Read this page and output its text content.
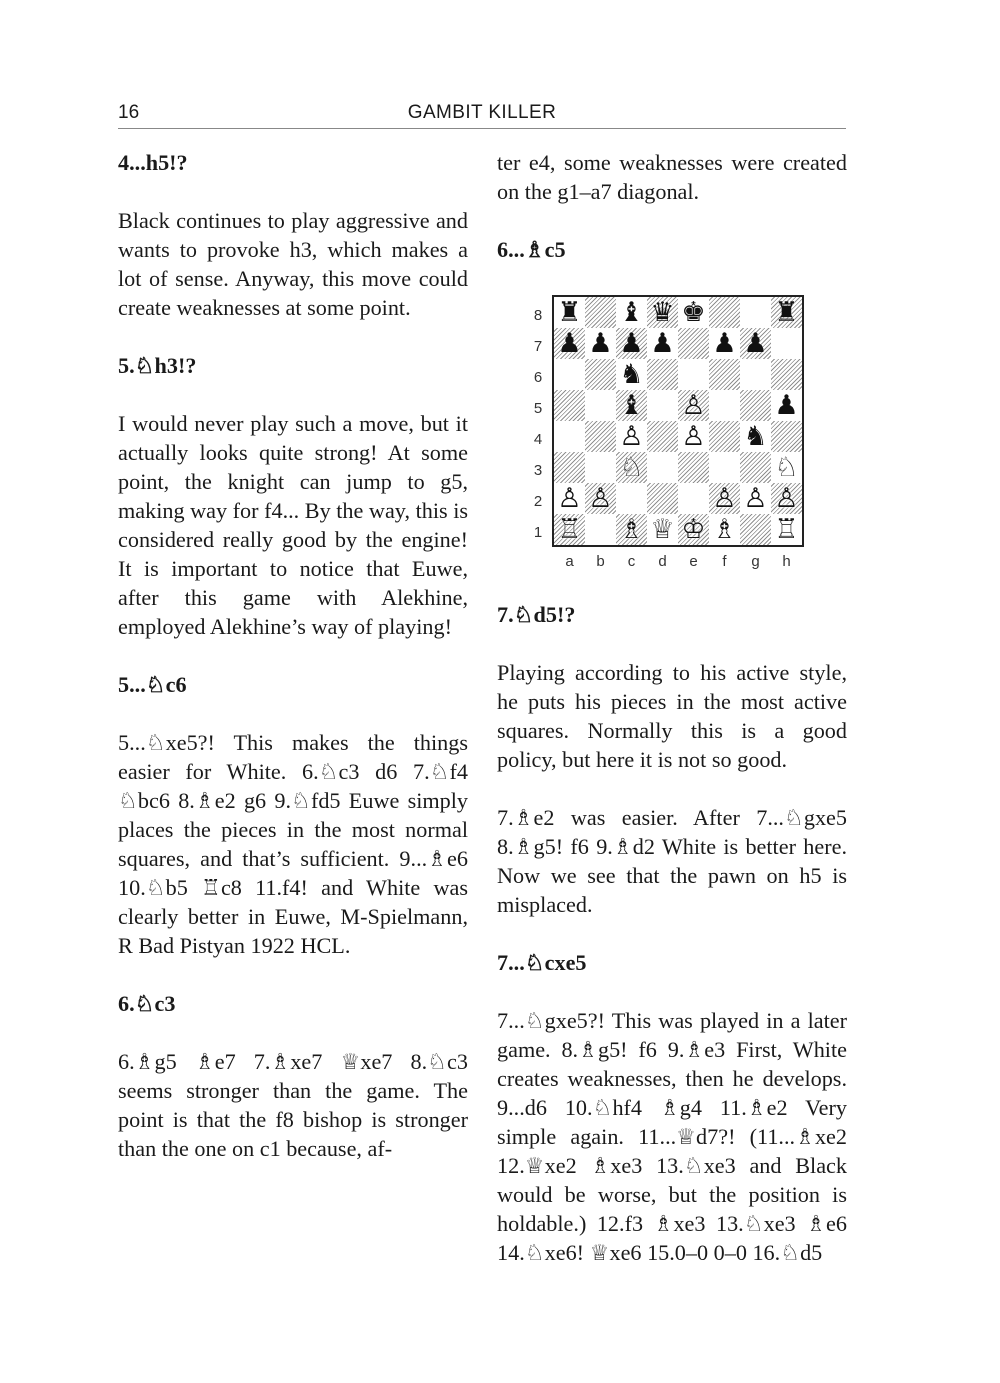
16	GAMBIT KILLER

4...h5!?

Black continues to play aggressive and wants to provoke h3, which makes a lot of sense. Anyway, this move could create weaknesses at some point.

5.♘h3!?

I would never play such a move, but it actually looks quite strong! At some point, the knight can jump to g5, making way for f4... By the way, this is considered really good by the engine! It is important to notice that Euwe, after this game with Alekhine, employed Alekhine’s way of playing!

5...♘c6

5...♘xe5?! This makes the things easier for White. 6.♘c3 d6 7.♘f4 ♘bc6 8.♗e2 g6 9.♘fd5 Euwe simply places the pieces in the most normal squares, and that’s sufficient. 9...♗e6 10.♘b5 ♖c8 11.f4! and White was clearly better in Euwe, M-Spielmann, R Bad Pistyan 1922 HCL.

6.♘c3

6.♗g5 ♗e7 7.♗xe7 ♕xe7 8.♘c3 seems stronger than the game. The point is that the f8 bishop is stronger than the one on c1 because, af-

ter e4, some weaknesses were created on the g1–a7 diagonal.

6...♗c5

8
7
6
5
4
3
2
1
♜ ♝ ♛ ♚	♜
♟ ♟ ♟ ♟ ♟ ♟
♞
♝ ♙	♟
♙ ♙ ♞
♘	♘
♙ ♙	♙ ♙ ♙
♖ ♗ ♕ ♔ ♗ ♖
a	b	c	d	e	f	g	h

7.♘d5!?

Playing according to his active style, he puts his pieces in the most active squares. Normally this is a good policy, but here it is not so good.

7.♗e2 was easier. After 7...♘gxe5 8.♗g5! f6 9.♗d2 White is better here. Now we see that the pawn on h5 is misplaced.

7...♘cxe5

7...♘gxe5?! This was played in a later game. 8.♗g5! f6 9.♗e3 First, White creates weaknesses, then he develops. 9...d6 10.♘hf4 ♗g4 11.♗e2 Very simple again. 11...♕d7?! (11...♗xe2 12.♕xe2 ♗xe3 13.♘xe3 and Black would be worse, but the position is holdable.) 12.f3 ♗xe3 13.♘xe3 ♗e6 14.♘xe6! ♕xe6 15.0–0 0–0 16.♘d5
